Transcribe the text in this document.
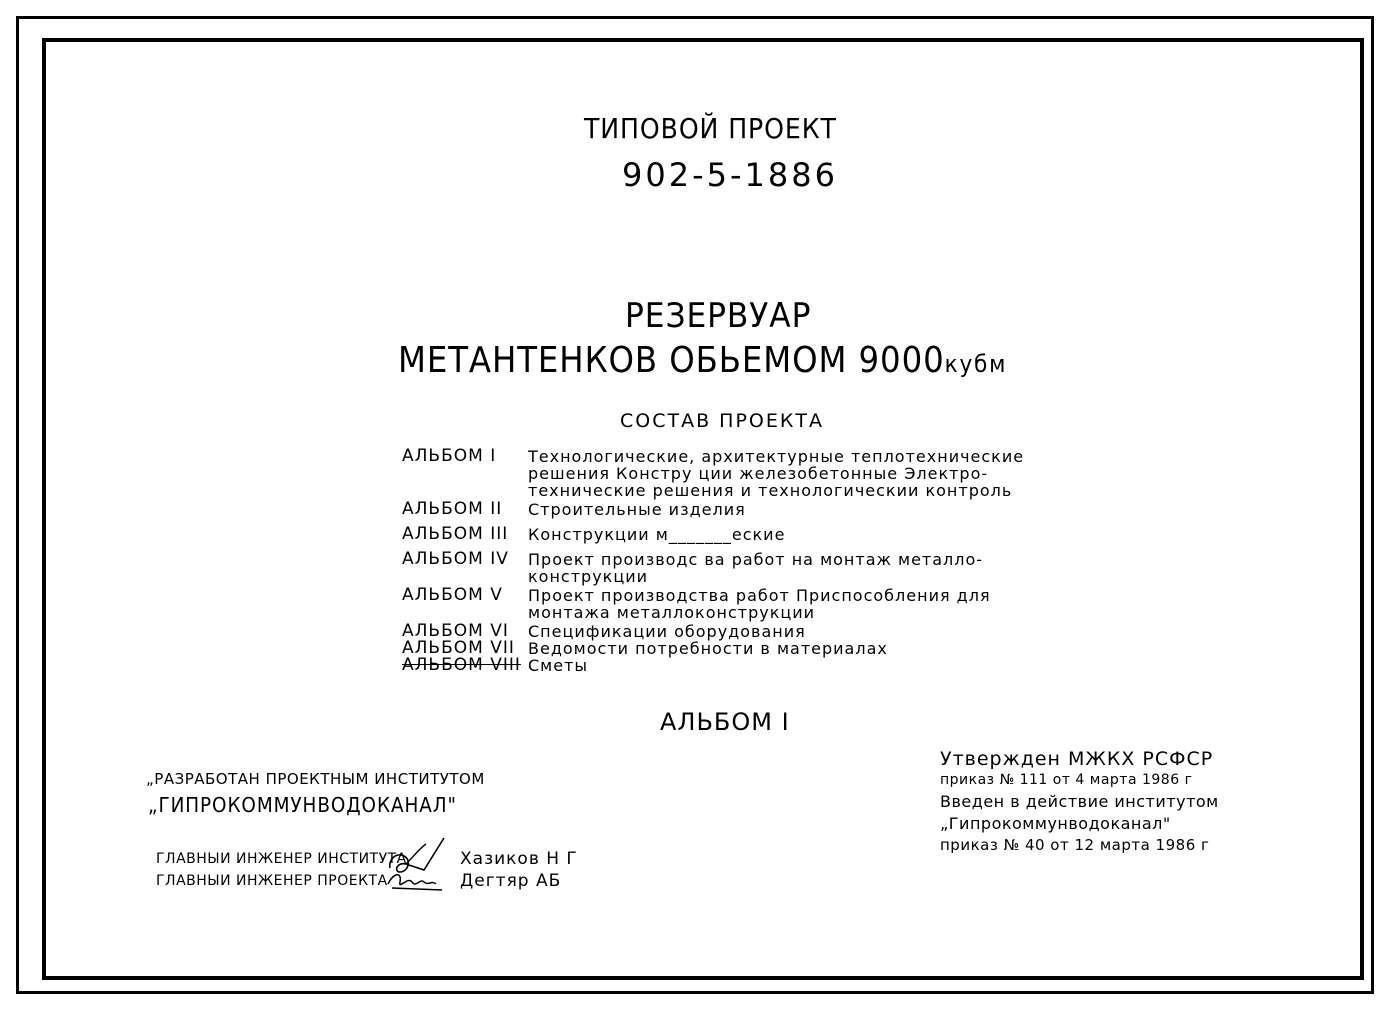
ТИПОВОЙ ПРОЕКТ
902-5-1886
РЕЗЕРВУАР
МЕТАНТЕНКОВ ОБЬЕМОМ 9000кубм
СОСТАВ ПРОЕКТА
АЛЬБОМ I	Технологические, архитектурные теплотехнические
решения Констру ции железобетонные Электро-
технические решения и технологическии контроль
АЛЬБОМ II	Строительные изделия
АЛЬБОМ III	Конструкции м_______еские
АЛЬБОМ IV	Проект производс ва работ на монтаж металло-
конструкции
АЛЬБОМ V	Проект производства работ Приспособления для
монтажа металлоконструкции
АЛЬБОМ VI	Спецификации оборудования
АЛЬБОМ VII Ведомости потребности в материалах
АЛЬБОМ VIII Сметы
АЛЬБОМ I
„РАЗРАБОТАН ПРОЕКТНЫМ ИНСТИТУТОМ
„ГИПРОКОММУНВОДОКАНАЛ"
ГЛАВНЫИ ИНЖЕНЕР ИНСТИТУТА
ГЛАВНЫИ ИНЖЕНЕР ПРОЕКТА
Хазиков Н Г
Дегтяр АБ
Утвержден МЖКХ РСФСР
приказ № 111 от 4 марта 1986 г
Введен в действие институтом
„Гипрокоммунводоканал"
приказ № 40 от 12 марта 1986 г
